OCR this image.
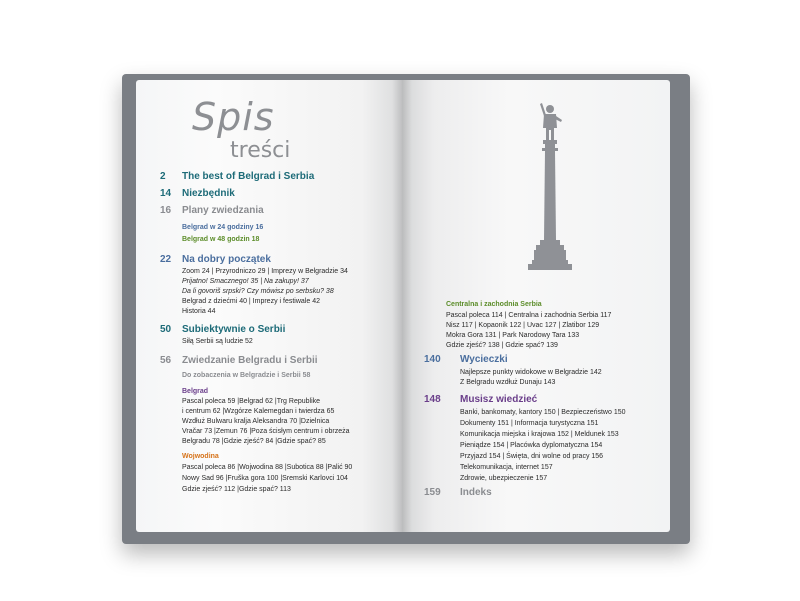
Spis
treści
2 The best of Belgrad i Serbia
14 Niezbędnik
16 Plany zwiedzania
Belgrad w 24 godziny 16
Belgrad w 48 godzin 18
22 Na dobry początek
Zoom 24 | Przyrodniczo 29 | Imprezy w Belgradzie 34
Prijatno! Smacznego! 35 | Na zakupy! 37
Da li govoriš srpski? Czy mówisz po serbsku? 38
Belgrad z dziećmi 40 | Imprezy i festiwale 42
Historia 44
50 Subiektywnie o Serbii
Siłą Serbii są ludzie 52
56 Zwiedzanie Belgradu i Serbii
Do zobaczenia w Belgradzie i Serbii 58
Belgrad
Pascal poleca 59 |Belgrad 62 |Trg Republike
i centrum 62 |Wzgórze Kalemegdan i twierdza 65
Wzdłuż Bulwaru kralja Aleksandra 70 |Dzielnica
Vračar 73 |Zemun 76 |Poza ścisłym centrum i obrzeża
Belgradu 78 |Gdzie zjeść? 84 |Gdzie spać? 85
Wojwodina
Pascal poleca 86 |Wojwodina 88 |Subotica 88 |Palić 90
Nowy Sad 96 |Fruška gora 100 |Sremski Karlovci 104
Gdzie zjeść? 112 |Gdzie spać? 113
Centralna i zachodnia Serbia
Pascal poleca 114 | Centralna i zachodnia Serbia 117
Nisz 117 | Kopaonik 122 | Uvac 127 | Zlatibor 129
Mokra Gora 131 | Park Narodowy Tara 133
Gdzie zjeść? 138 | Gdzie spać? 139
140 Wycieczki
Najlepsze punkty widokowe w Belgradzie 142
Z Belgradu wzdłuż Dunaju 143
148 Musisz wiedzieć
Banki, bankomaty, kantory 150 | Bezpieczeństwo 150
Dokumenty 151 | Informacja turystyczna 151
Komunikacja miejska i krajowa 152 | Meldunek 153
Pieniądze 154 | Placówka dyplomatyczna 154
Przyjazd 154 | Święta, dni wolne od pracy 156
Telekomunikacja, internet 157
Zdrowie, ubezpieczenie 157
159 Indeks
